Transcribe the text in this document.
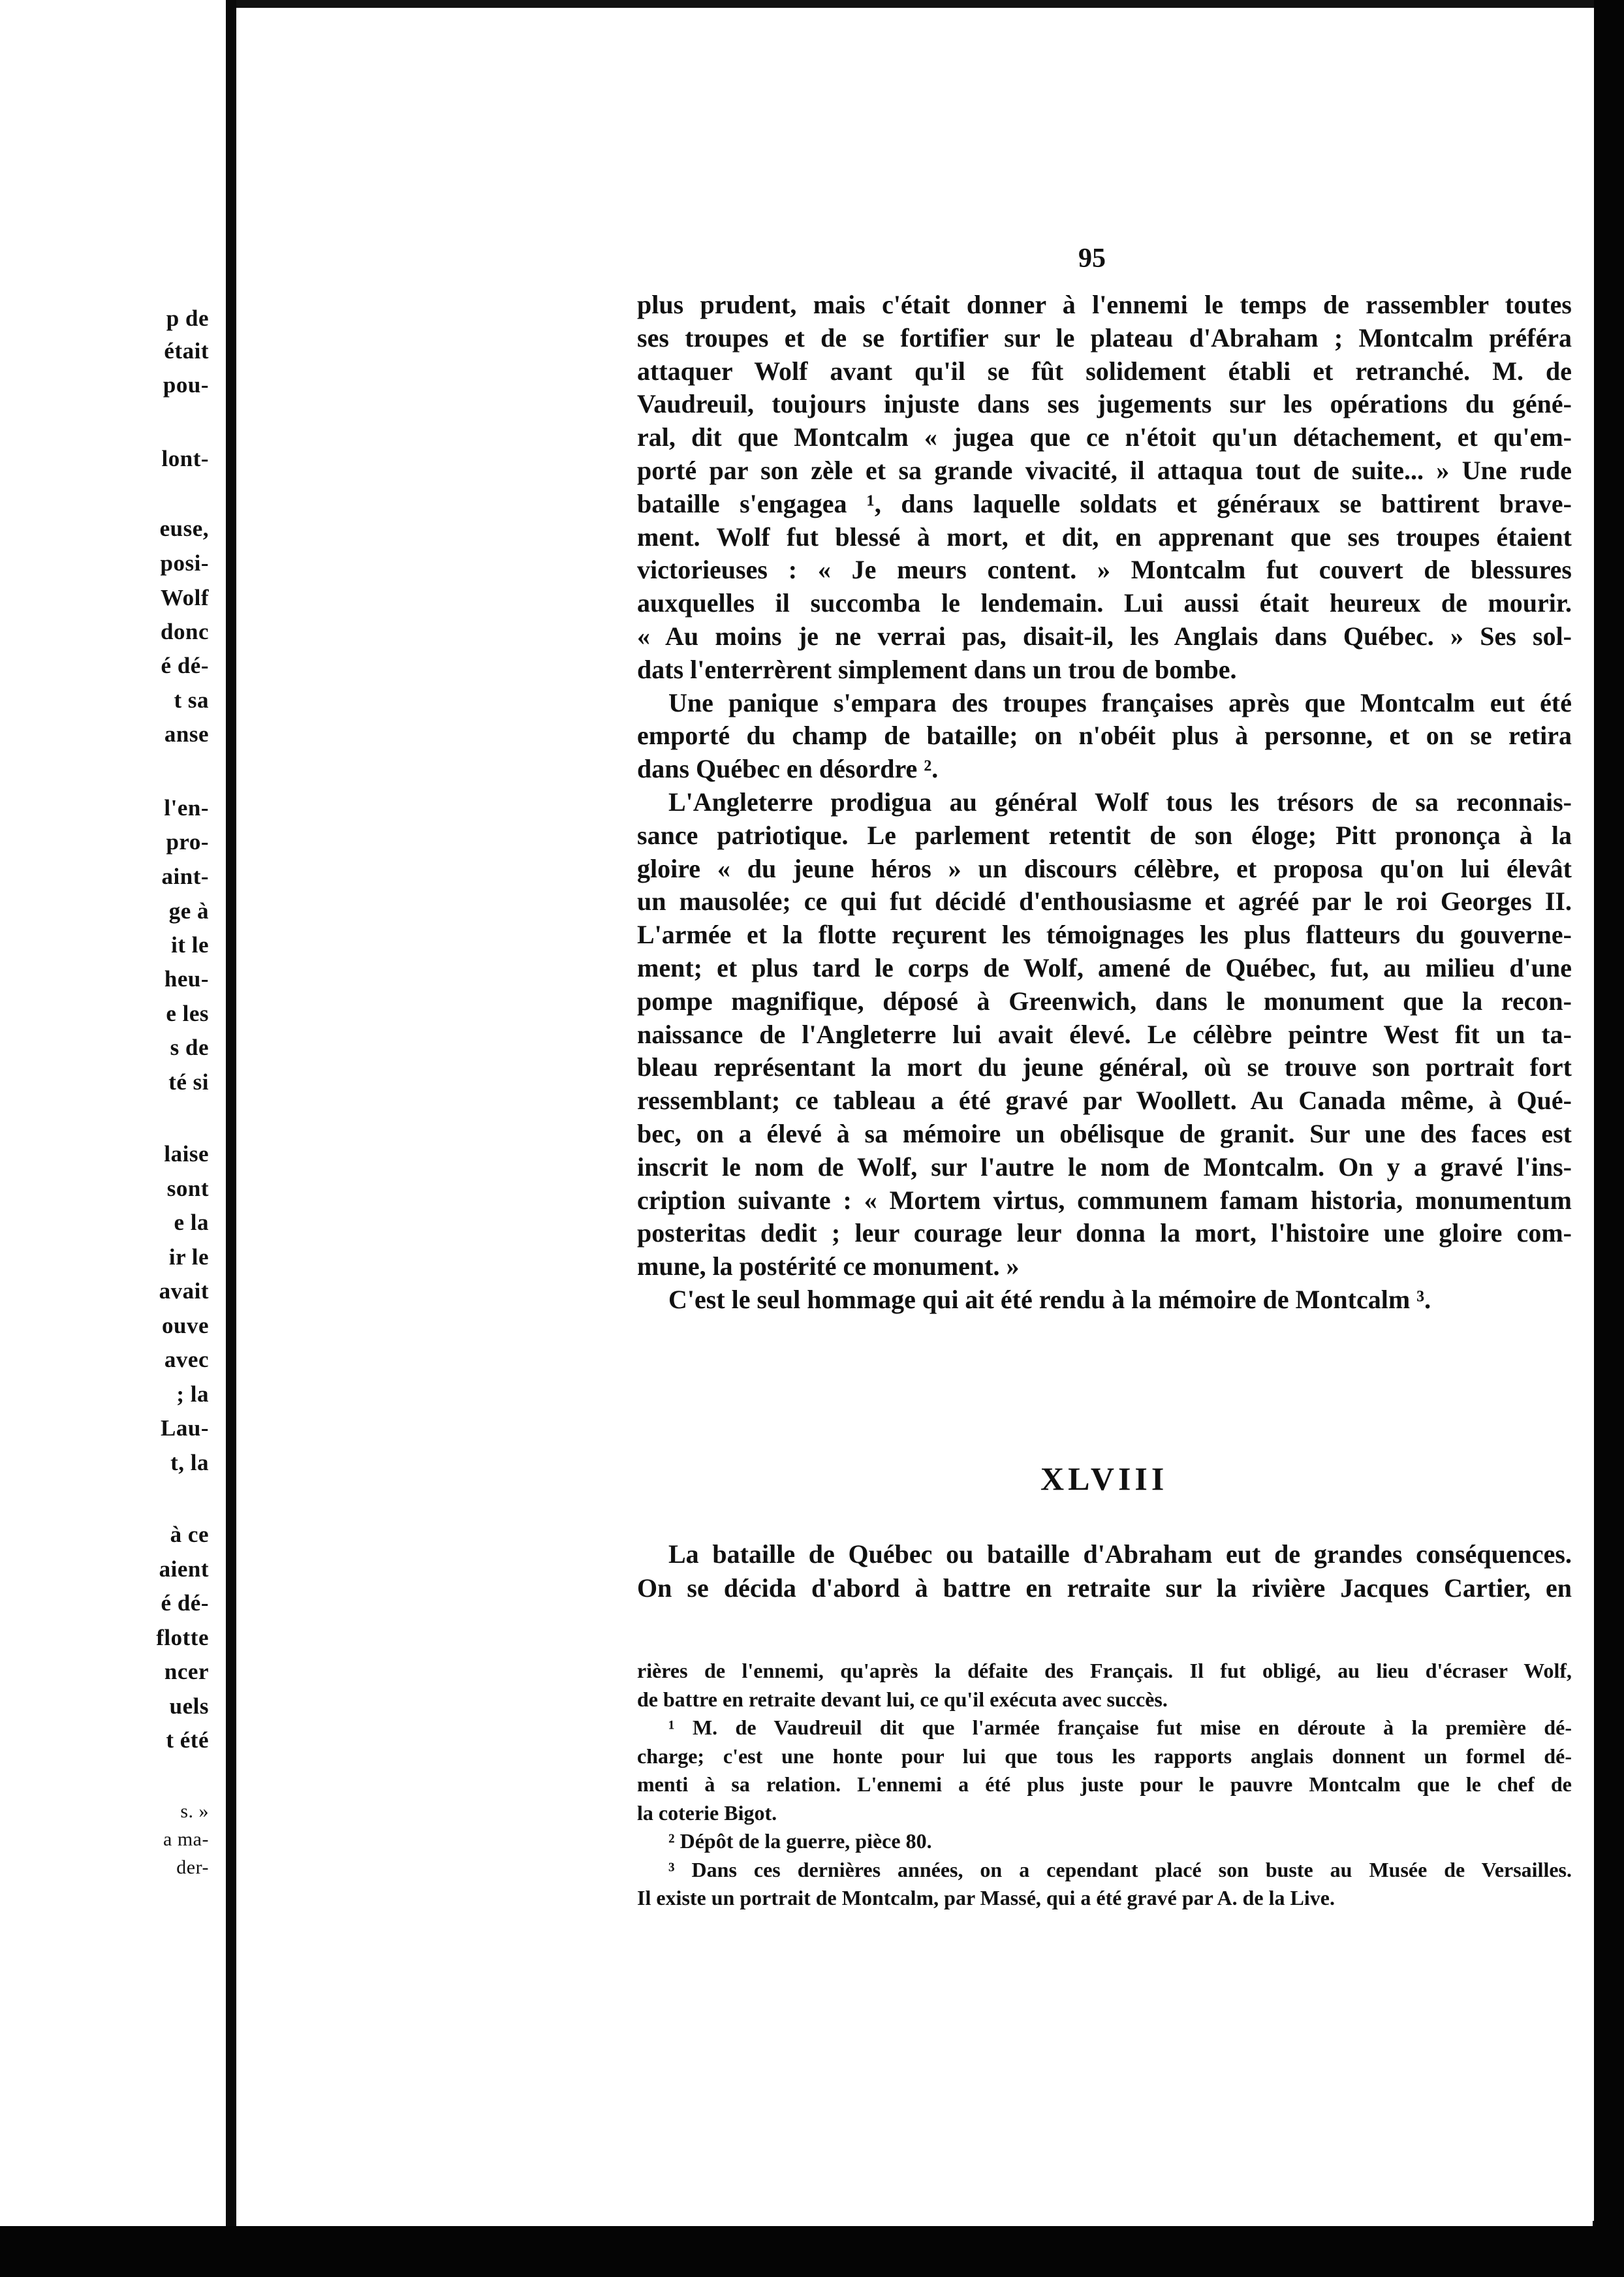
p de
était
pou-
lont-
euse,
posi-
Wolf
donc
é dé-
t sa
anse
l'en-
pro-
aint-
ge à
it le
heu-
e les
s de
té si
laise
sont
e la
ir le
avait
ouve
avec
; la
Lau-
t, la
à ce
aient
é dé-
flotte
ncer
uels
t été
s. »
a ma-
der-
95
plus prudent, mais c'était donner à l'ennemi le temps de rassembler toutes
ses troupes et de se fortifier sur le plateau d'Abraham ; Montcalm préféra
attaquer Wolf avant qu'il se fût solidement établi et retranché. M. de
Vaudreuil, toujours injuste dans ses jugements sur les opérations du géné-
ral, dit que Montcalm « jugea que ce n'étoit qu'un détachement, et qu'em-
porté par son zèle et sa grande vivacité, il attaqua tout de suite... » Une rude
bataille s'engagea ¹, dans laquelle soldats et généraux se battirent brave-
ment. Wolf fut blessé à mort, et dit, en apprenant que ses troupes étaient
victorieuses : « Je meurs content. » Montcalm fut couvert de blessures
auxquelles il succomba le lendemain. Lui aussi était heureux de mourir.
« Au moins je ne verrai pas, disait-il, les Anglais dans Québec. » Ses sol-
dats l'enterrèrent simplement dans un trou de bombe.
Une panique s'empara des troupes françaises après que Montcalm eut été
emporté du champ de bataille; on n'obéit plus à personne, et on se retira
dans Québec en désordre ².
L'Angleterre prodigua au général Wolf tous les trésors de sa reconnais-
sance patriotique. Le parlement retentit de son éloge; Pitt prononça à la
gloire « du jeune héros » un discours célèbre, et proposa qu'on lui élevât
un mausolée; ce qui fut décidé d'enthousiasme et agréé par le roi Georges II.
L'armée et la flotte reçurent les témoignages les plus flatteurs du gouverne-
ment; et plus tard le corps de Wolf, amené de Québec, fut, au milieu d'une
pompe magnifique, déposé à Greenwich, dans le monument que la recon-
naissance de l'Angleterre lui avait élevé. Le célèbre peintre West fit un ta-
bleau représentant la mort du jeune général, où se trouve son portrait fort
ressemblant; ce tableau a été gravé par Woollett. Au Canada même, à Qué-
bec, on a élevé à sa mémoire un obélisque de granit. Sur une des faces est
inscrit le nom de Wolf, sur l'autre le nom de Montcalm. On y a gravé l'ins-
cription suivante : « Mortem virtus, communem famam historia, monumentum
posteritas dedit ; leur courage leur donna la mort, l'histoire une gloire com-
mune, la postérité ce monument. »
C'est le seul hommage qui ait été rendu à la mémoire de Montcalm ³.
XLVIII
La bataille de Québec ou bataille d'Abraham eut de grandes conséquences.
On se décida d'abord à battre en retraite sur la rivière Jacques Cartier, en
rières de l'ennemi, qu'après la défaite des Français. Il fut obligé, au lieu d'écraser Wolf,
de battre en retraite devant lui, ce qu'il exécuta avec succès.
¹ M. de Vaudreuil dit que l'armée française fut mise en déroute à la première dé-
charge; c'est une honte pour lui que tous les rapports anglais donnent un formel dé-
menti à sa relation. L'ennemi a été plus juste pour le pauvre Montcalm que le chef de
la coterie Bigot.
² Dépôt de la guerre, pièce 80.
³ Dans ces dernières années, on a cependant placé son buste au Musée de Versailles.
Il existe un portrait de Montcalm, par Massé, qui a été gravé par A. de la Live.
